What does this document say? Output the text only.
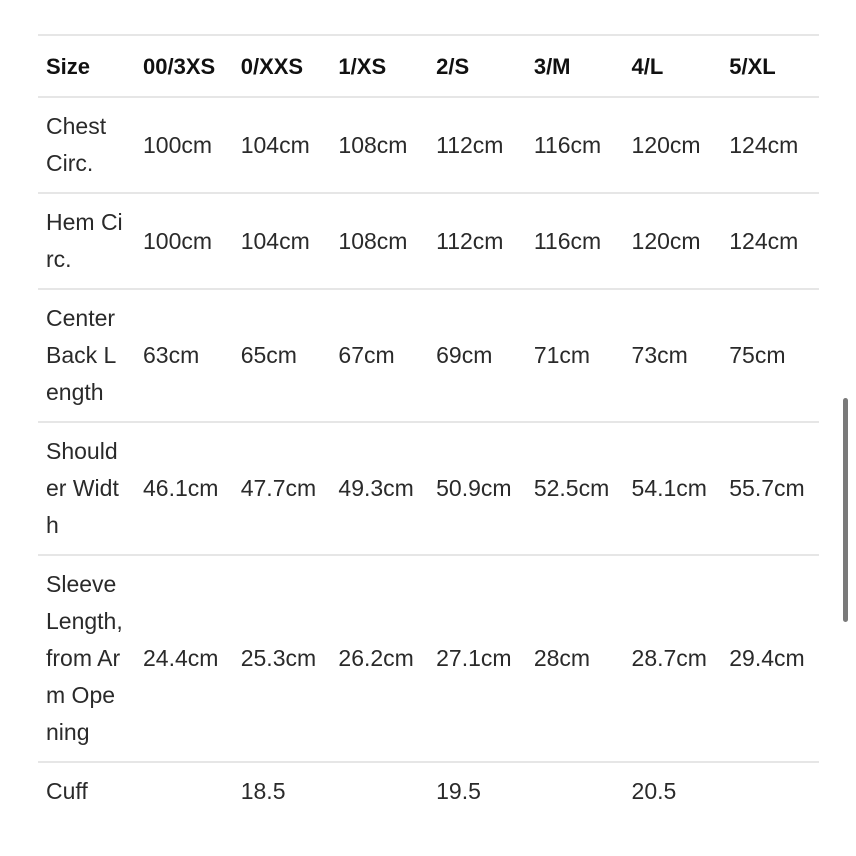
Size	00/3XS	0/XXS	1/XS	2/S	3/M	4/L	5/XL
Chest Circ.	100cm	104cm	108cm	112cm	116cm	120cm	124cm
Hem Circ.	100cm	104cm	108cm	112cm	116cm	120cm	124cm
Center Back Length	63cm	65cm	67cm	69cm	71cm	73cm	75cm
Shoulder Width	46.1cm	47.7cm	49.3cm	50.9cm	52.5cm	54.1cm	55.7cm
Sleeve Length, from Arm Opening	24.4cm	25.3cm	26.2cm	27.1cm	28cm	28.7cm	29.4cm
Cuff		18.5		19.5		20.5	
